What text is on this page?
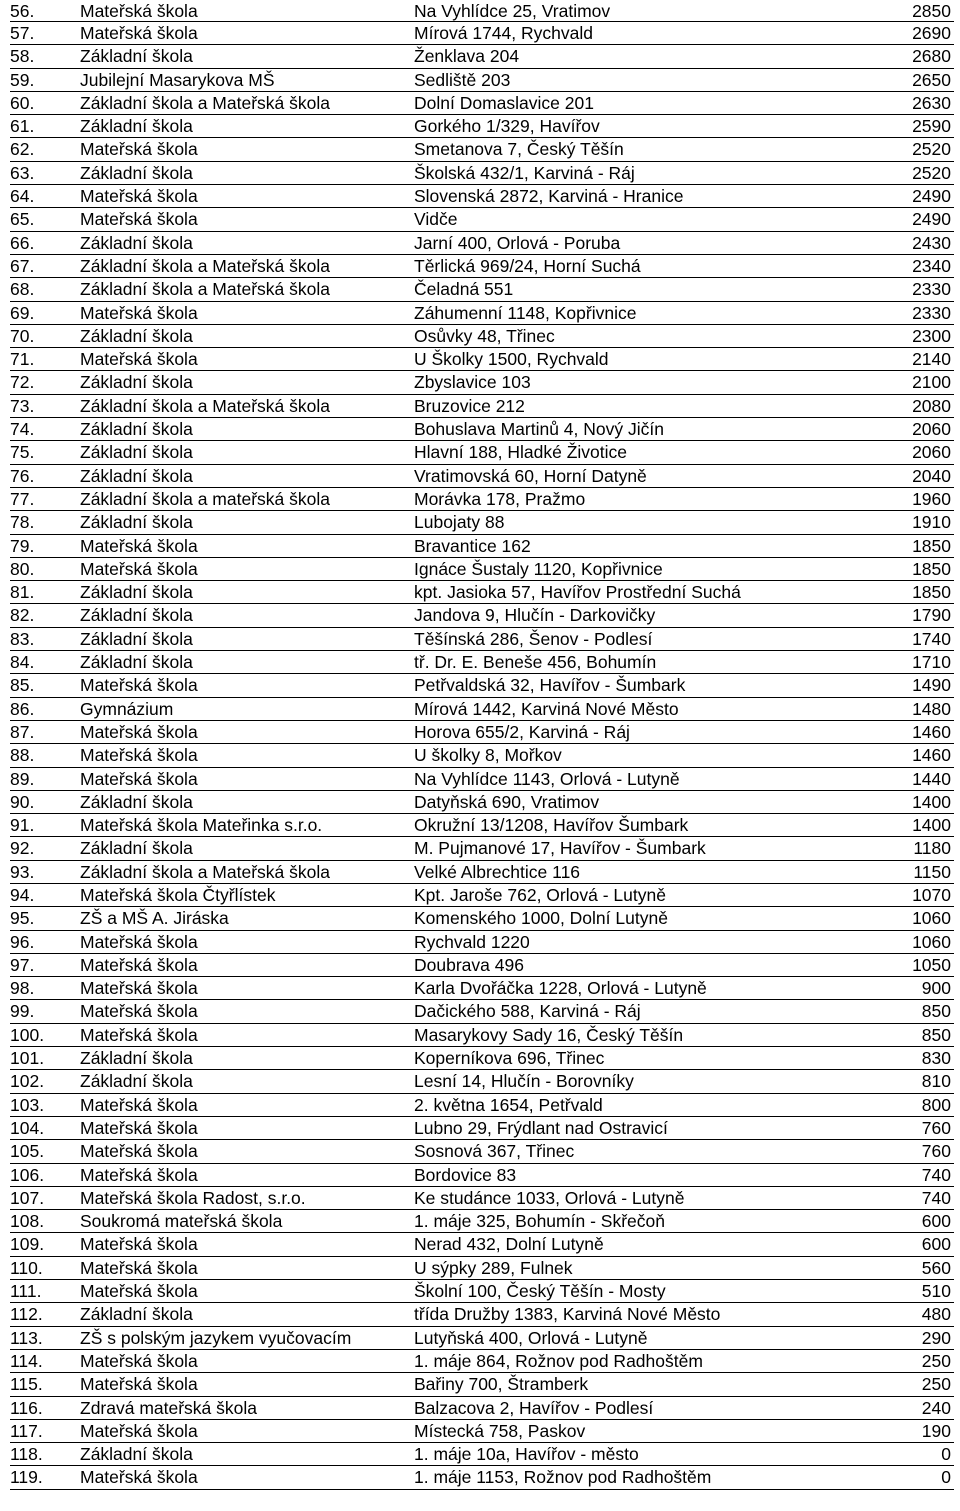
56.	Mateřská škola	Na Vyhlídce 25, Vratimov	2850
57.	Mateřská škola	Mírová 1744, Rychvald	2690
58.	Základní škola	Ženklava 204	2680
59.	Jubilejní Masarykova MŠ	Sedliště 203	2650
60.	Základní škola a Mateřská škola	Dolní Domaslavice 201	2630
61.	Základní škola	Gorkého 1/329, Havířov	2590
62.	Mateřská škola	Smetanova 7, Český Těšín	2520
63.	Základní škola	Školská 432/1, Karviná - Ráj	2520
64.	Mateřská škola	Slovenská 2872, Karviná - Hranice	2490
65.	Mateřská škola	Vidče	2490
66.	Základní škola	Jarní 400, Orlová - Poruba	2430
67.	Základní škola a Mateřská škola	Těrlická 969/24, Horní Suchá	2340
68.	Základní škola a Mateřská škola	Čeladná 551	2330
69.	Mateřská škola	Záhumenní 1148, Kopřivnice	2330
70.	Základní škola	Osůvky 48, Třinec	2300
71.	Mateřská škola	U Školky 1500, Rychvald	2140
72.	Základní škola	Zbyslavice 103	2100
73.	Základní škola a Mateřská škola	Bruzovice 212	2080
74.	Základní škola	Bohuslava Martinů 4, Nový Jičín	2060
75.	Základní škola	Hlavní 188, Hladké Životice	2060
76.	Základní škola	Vratimovská 60, Horní Datyně	2040
77.	Základní škola a mateřská škola	Morávka 178, Pražmo	1960
78.	Základní škola	Lubojaty 88	1910
79.	Mateřská škola	Bravantice 162	1850
80.	Mateřská škola	Ignáce Šustaly 1120, Kopřivnice	1850
81.	Základní škola	kpt. Jasioka 57, Havířov Prostřední Suchá	1850
82.	Základní škola	Jandova 9, Hlučín - Darkovičky	1790
83.	Základní škola	Těšínská 286, Šenov - Podlesí	1740
84.	Základní škola	tř. Dr. E. Beneše 456, Bohumín	1710
85.	Mateřská škola	Petřvaldská 32, Havířov - Šumbark	1490
86.	Gymnázium	Mírová 1442, Karviná Nové Město	1480
87.	Mateřská škola	Horova 655/2, Karviná - Ráj	1460
88.	Mateřská škola	U školky 8, Mořkov	1460
89.	Mateřská škola	Na Vyhlídce 1143, Orlová - Lutyně	1440
90.	Základní škola	Datyňská 690, Vratimov	1400
91.	Mateřská škola Mateřinka s.r.o.	Okružní 13/1208, Havířov Šumbark	1400
92.	Základní škola	M. Pujmanové 17, Havířov - Šumbark	1180
93.	Základní škola a Mateřská škola	Velké Albrechtice 116	1150
94.	Mateřská škola Čtyřlístek	Kpt. Jaroše 762, Orlová - Lutyně	1070
95.	ZŠ a MŠ A. Jiráska	Komenského 1000, Dolní Lutyně	1060
96.	Mateřská škola	Rychvald 1220	1060
97.	Mateřská škola	Doubrava 496	1050
98.	Mateřská škola	Karla Dvořáčka 1228, Orlová - Lutyně	900
99.	Mateřská škola	Dačického 588, Karviná - Ráj	850
100.	Mateřská škola	Masarykovy Sady 16, Český Těšín	850
101.	Základní škola	Koperníkova 696, Třinec	830
102.	Základní škola	Lesní 14, Hlučín - Borovníky	810
103.	Mateřská škola	2. května 1654, Petřvald	800
104.	Mateřská škola	Lubno 29, Frýdlant nad Ostravicí	760
105.	Mateřská škola	Sosnová 367, Třinec	760
106.	Mateřská škola	Bordovice 83	740
107.	Mateřská škola Radost, s.r.o.	Ke studánce 1033, Orlová - Lutyně	740
108.	Soukromá mateřská škola	1. máje 325, Bohumín - Skřečoň	600
109.	Mateřská škola	Nerad 432, Dolní Lutyně	600
110.	Mateřská škola	U sýpky 289, Fulnek	560
111.	Mateřská škola	Školní 100, Český Těšín - Mosty	510
112.	Základní škola	třída Družby 1383, Karviná Nové Město	480
113.	ZŠ s polským jazykem vyučovacím	Lutyňská 400, Orlová - Lutyně	290
114.	Mateřská škola	1. máje 864, Rožnov pod Radhoštěm	250
115.	Mateřská škola	Bařiny 700, Štramberk	250
116.	Zdravá mateřská škola	Balzacova 2, Havířov - Podlesí	240
117.	Mateřská škola	Místecká 758, Paskov	190
118.	Základní škola	1. máje 10a, Havířov - město	0
119.	Mateřská škola	1. máje 1153, Rožnov pod Radhoštěm	0
